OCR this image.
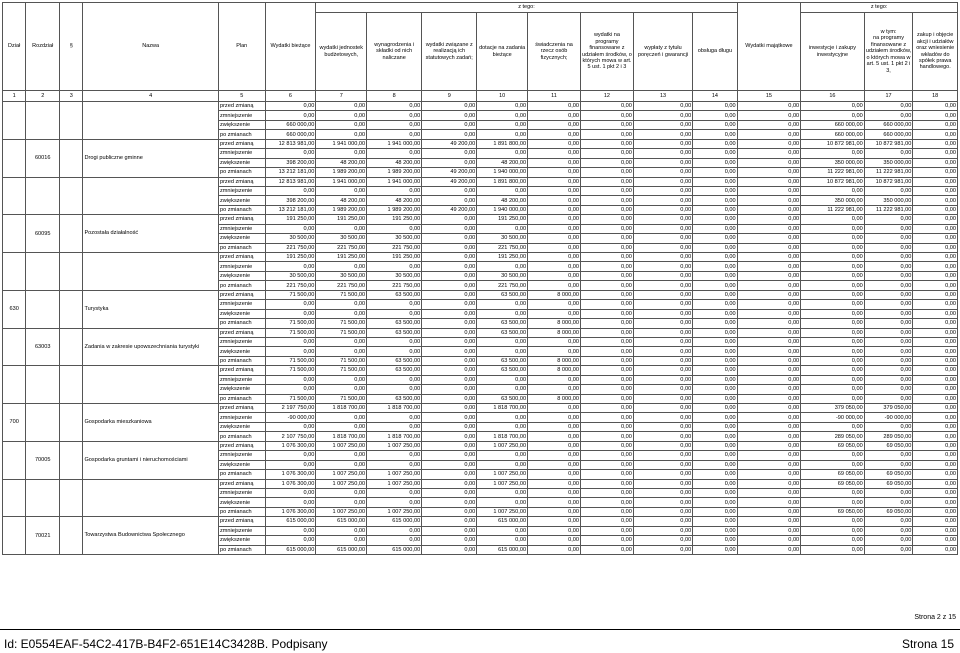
Dział	Rozdział	§	Nazwa	Plan	Wydatki bieżące	z tego:								Wydatki majątkowe	z tego:		
						wydatki jednostek budżetowych,	wynagrodzenia i składki od nich naliczane	wydatki związane z realizacją ich statutowych zadań;	dotacje na zadania bieżące	świadczenia na rzecz osób fizycznych;	wydatki na programy finansowane z udziałem środków, o których mowa w art. 5 ust. 1 pkt 2 i 3	wypłaty z tytułu poręczeń i gwarancji	obsługa długu		inwestycje i zakupy inwestycyjne	w tym:
na programy finansowane z udziałem środków, o których mowa w art. 5 ust. 1 pkt 2 i 3,	zakup i objęcie akcji i udziałów oraz wniesienie wkładów do spółek prawa handlowego.
1	2	3	4	5	6	7	8	9	10	11	12	13	14	15	16	17	18
				przed zmianą	0,00	0,00	0,00	0,00	0,00	0,00	0,00	0,00	0,00	0,00	0,00	0,00	0,00
				zmniejszenie	0,00	0,00	0,00	0,00	0,00	0,00	0,00	0,00	0,00	0,00	0,00	0,00	0,00
				zwiększenie	660 000,00	0,00	0,00	0,00	0,00	0,00	0,00	0,00	0,00	0,00	660 000,00	660 000,00	0,00
				po zmianach	660 000,00	0,00	0,00	0,00	0,00	0,00	0,00	0,00	0,00	0,00	660 000,00	660 000,00	0,00
	60016		Drogi publiczne gminne	przed zmianą	12 813 981,00	1 941 000,00	1 941 000,00	49 200,00	1 891 800,00	0,00	0,00	0,00	0,00	0,00	10 872 981,00	10 872 981,00	0,00
				zmniejszenie	0,00	0,00	0,00	0,00	0,00	0,00	0,00	0,00	0,00	0,00	0,00	0,00	0,00
				zwiększenie	398 200,00	48 200,00	48 200,00	0,00	48 200,00	0,00	0,00	0,00	0,00	0,00	350 000,00	350 000,00	0,00
				po zmianach	13 212 181,00	1 989 200,00	1 989 200,00	49 200,00	1 940 000,00	0,00	0,00	0,00	0,00	0,00	11 222 981,00	11 222 981,00	0,00
				przed zmianą	12 813 981,00	1 941 000,00	1 941 000,00	49 200,00	1 891 800,00	0,00	0,00	0,00	0,00	0,00	10 872 981,00	10 872 981,00	0,00
				zmniejszenie	0,00	0,00	0,00	0,00	0,00	0,00	0,00	0,00	0,00	0,00	0,00	0,00	0,00
				zwiększenie	398 200,00	48 200,00	48 200,00	0,00	48 200,00	0,00	0,00	0,00	0,00	0,00	350 000,00	350 000,00	0,00
				po zmianach	13 212 181,00	1 989 200,00	1 989 200,00	49 200,00	1 940 000,00	0,00	0,00	0,00	0,00	0,00	11 222 981,00	11 222 981,00	0,00
	60095		Pozostała działalność	przed zmianą	191 250,00	191 250,00	191 250,00	0,00	191 250,00	0,00	0,00	0,00	0,00	0,00	0,00	0,00	0,00
				zmniejszenie	0,00	0,00	0,00	0,00	0,00	0,00	0,00	0,00	0,00	0,00	0,00	0,00	0,00
				zwiększenie	30 500,00	30 500,00	30 500,00	0,00	30 500,00	0,00	0,00	0,00	0,00	0,00	0,00	0,00	0,00
				po zmianach	221 750,00	221 750,00	221 750,00	0,00	221 750,00	0,00	0,00	0,00	0,00	0,00	0,00	0,00	0,00
				przed zmianą	191 250,00	191 250,00	191 250,00	0,00	191 250,00	0,00	0,00	0,00	0,00	0,00	0,00	0,00	0,00
				zmniejszenie	0,00	0,00	0,00	0,00	0,00	0,00	0,00	0,00	0,00	0,00	0,00	0,00	0,00
				zwiększenie	30 500,00	30 500,00	30 500,00	0,00	30 500,00	0,00	0,00	0,00	0,00	0,00	0,00	0,00	0,00
				po zmianach	221 750,00	221 750,00	221 750,00	0,00	221 750,00	0,00	0,00	0,00	0,00	0,00	0,00	0,00	0,00
630			Turystyka	przed zmianą	71 500,00	71 500,00	63 500,00	0,00	63 500,00	8 000,00	0,00	0,00	0,00	0,00	0,00	0,00	0,00
				zmniejszenie	0,00	0,00	0,00	0,00	0,00	0,00	0,00	0,00	0,00	0,00	0,00	0,00	0,00
				zwiększenie	0,00	0,00	0,00	0,00	0,00	0,00	0,00	0,00	0,00	0,00	0,00	0,00	0,00
				po zmianach	71 500,00	71 500,00	63 500,00	0,00	63 500,00	8 000,00	0,00	0,00	0,00	0,00	0,00	0,00	0,00
	63003		Zadania w zakresie upowszechniania turystyki	przed zmianą	71 500,00	71 500,00	63 500,00	0,00	63 500,00	8 000,00	0,00	0,00	0,00	0,00	0,00	0,00	0,00
				zmniejszenie	0,00	0,00	0,00	0,00	0,00	0,00	0,00	0,00	0,00	0,00	0,00	0,00	0,00
				zwiększenie	0,00	0,00	0,00	0,00	0,00	0,00	0,00	0,00	0,00	0,00	0,00	0,00	0,00
				po zmianach	71 500,00	71 500,00	63 500,00	0,00	63 500,00	8 000,00	0,00	0,00	0,00	0,00	0,00	0,00	0,00
				przed zmianą	71 500,00	71 500,00	63 500,00	0,00	63 500,00	8 000,00	0,00	0,00	0,00	0,00	0,00	0,00	0,00
				zmniejszenie	0,00	0,00	0,00	0,00	0,00	0,00	0,00	0,00	0,00	0,00	0,00	0,00	0,00
				zwiększenie	0,00	0,00	0,00	0,00	0,00	0,00	0,00	0,00	0,00	0,00	0,00	0,00	0,00
				po zmianach	71 500,00	71 500,00	63 500,00	0,00	63 500,00	8 000,00	0,00	0,00	0,00	0,00	0,00	0,00	0,00
700			Gospodarka mieszkaniowa	przed zmianą	2 197 750,00	1 818 700,00	1 818 700,00	0,00	1 818 700,00	0,00	0,00	0,00	0,00	0,00	379 050,00	379 050,00	0,00
				zmniejszenie	-90 000,00	0,00	0,00	0,00	0,00	0,00	0,00	0,00	0,00	0,00	-90 000,00	-90 000,00	0,00
				zwiększenie	0,00	0,00	0,00	0,00	0,00	0,00	0,00	0,00	0,00	0,00	0,00	0,00	0,00
				po zmianach	2 107 750,00	1 818 700,00	1 818 700,00	0,00	1 818 700,00	0,00	0,00	0,00	0,00	0,00	289 050,00	289 050,00	0,00
	70005		Gospodarka gruntami i nieruchomościami	przed zmianą	1 076 300,00	1 007 250,00	1 007 250,00	0,00	1 007 250,00	0,00	0,00	0,00	0,00	0,00	69 050,00	69 050,00	0,00
				zmniejszenie	0,00	0,00	0,00	0,00	0,00	0,00	0,00	0,00	0,00	0,00	0,00	0,00	0,00
				zwiększenie	0,00	0,00	0,00	0,00	0,00	0,00	0,00	0,00	0,00	0,00	0,00	0,00	0,00
				po zmianach	1 076 300,00	1 007 250,00	1 007 250,00	0,00	1 007 250,00	0,00	0,00	0,00	0,00	0,00	69 050,00	69 050,00	0,00
				przed zmianą	1 076 300,00	1 007 250,00	1 007 250,00	0,00	1 007 250,00	0,00	0,00	0,00	0,00	0,00	69 050,00	69 050,00	0,00
				zmniejszenie	0,00	0,00	0,00	0,00	0,00	0,00	0,00	0,00	0,00	0,00	0,00	0,00	0,00
				zwiększenie	0,00	0,00	0,00	0,00	0,00	0,00	0,00	0,00	0,00	0,00	0,00	0,00	0,00
				po zmianach	1 076 300,00	1 007 250,00	1 007 250,00	0,00	1 007 250,00	0,00	0,00	0,00	0,00	0,00	69 050,00	69 050,00	0,00
	70021		Towarzystwa Budownictwa Społecznego	przed zmianą	615 000,00	615 000,00	615 000,00	0,00	615 000,00	0,00	0,00	0,00	0,00	0,00	0,00	0,00	0,00
				zmniejszenie	0,00	0,00	0,00	0,00	0,00	0,00	0,00	0,00	0,00	0,00	0,00	0,00	0,00
				zwiększenie	0,00	0,00	0,00	0,00	0,00	0,00	0,00	0,00	0,00	0,00	0,00	0,00	0,00
				po zmianach	615 000,00	615 000,00	615 000,00	0,00	615 000,00	0,00	0,00	0,00	0,00	0,00	0,00	0,00	0,00
Strona 2 z 15
Id: E0554EAF-54C2-417B-B4F2-651E14C3428B. Podpisany	Strona 15
